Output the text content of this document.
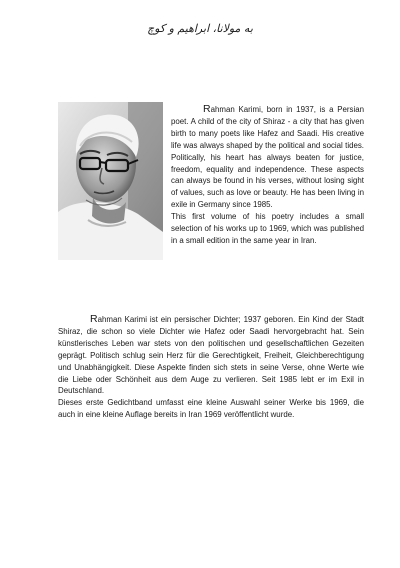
به مولانا، ابراهیم و کوچ

Rahman Karimi, born in 1937, is a Persian poet. A child of the city of Shiraz - a city that has given birth to many poets like Hafez and Saadi. His creative life was always shaped by the political and social tides. Politically, his heart has always beaten for justice, freedom, equality and independence. These aspects can always be found in his verses, without losing sight of values, such as love or beauty. He has been living in exile in Germany since 1985.

This first volume of his poetry includes a small selection of his works up to 1969, which was published in a small edition in the same year in Iran.

Rahman Karimi ist ein persischer Dichter; 1937 geboren. Ein Kind der Stadt Shiraz, die schon so viele Dichter wie Hafez oder Saadi hervorgebracht hat. Sein künstlerisches Leben war stets von den politischen und gesellschaftlichen Gezeiten geprägt. Politisch schlug sein Herz für die Gerechtigkeit, Freiheit, Gleichberechtigung und Unabhängigkeit. Diese Aspekte finden sich stets in seine Verse, ohne Werte wie die Liebe oder Schönheit aus dem Auge zu verlieren. Seit 1985 lebt er im Exil in Deutschland.

Dieses erste Gedichtband umfasst eine kleine Auswahl seiner Werke bis 1969, die auch in eine kleine Auflage bereits in Iran 1969 veröffentlicht wurde.
